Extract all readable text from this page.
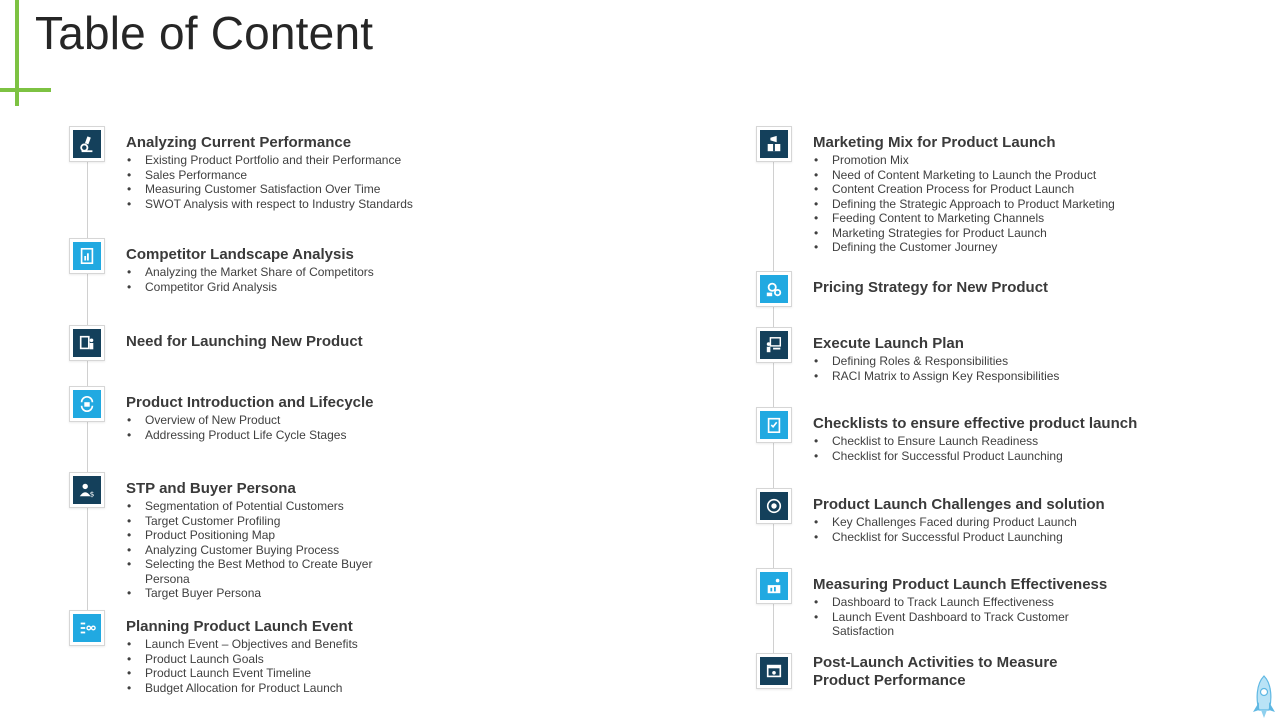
Table of Content

Analyzing Current Performance

• Existing Product Portfolio and their Performance
• Sales Performance
• Measuring Customer Satisfaction Over Time
• SWOT Analysis with respect to Industry Standards

Competitor Landscape Analysis

• Analyzing the Market Share of Competitors
• Competitor Grid Analysis

Need for Launching New Product

Product Introduction and Lifecycle

• Overview of New Product
• Addressing Product Life Cycle Stages
$ STP and Buyer Persona

• Segmentation of Potential Customers
• Target Customer Profiling
• Product Positioning Map
• Analyzing Customer Buying Process
• Selecting the Best Method to Create Buyer Persona
• Target Buyer Persona

Planning Product Launch Event

• Launch Event – Objectives and Benefits
• Product Launch Goals
• Product Launch Event Timeline
• Budget Allocation for Product Launch

Marketing Mix for Product Launch

• Promotion Mix
• Need of Content Marketing to Launch the Product
• Content Creation Process for Product Launch
• Defining the Strategic Approach to Product Marketing
• Feeding Content to Marketing Channels
• Marketing Strategies for Product Launch
• Defining the Customer Journey

Pricing Strategy for New Product

Execute Launch Plan

• Defining Roles & Responsibilities
• RACI Matrix to Assign Key Responsibilities

Checklists to ensure effective product launch

• Checklist to Ensure Launch Readiness
• Checklist for Successful Product Launching

Product Launch Challenges and solution

• Key Challenges Faced during Product Launch
• Checklist for Successful Product Launching

Measuring Product Launch Effectiveness

• Dashboard to Track Launch Effectiveness
• Launch Event Dashboard to Track Customer Satisfaction

Post-Launch Activities to Measure Product Performance
